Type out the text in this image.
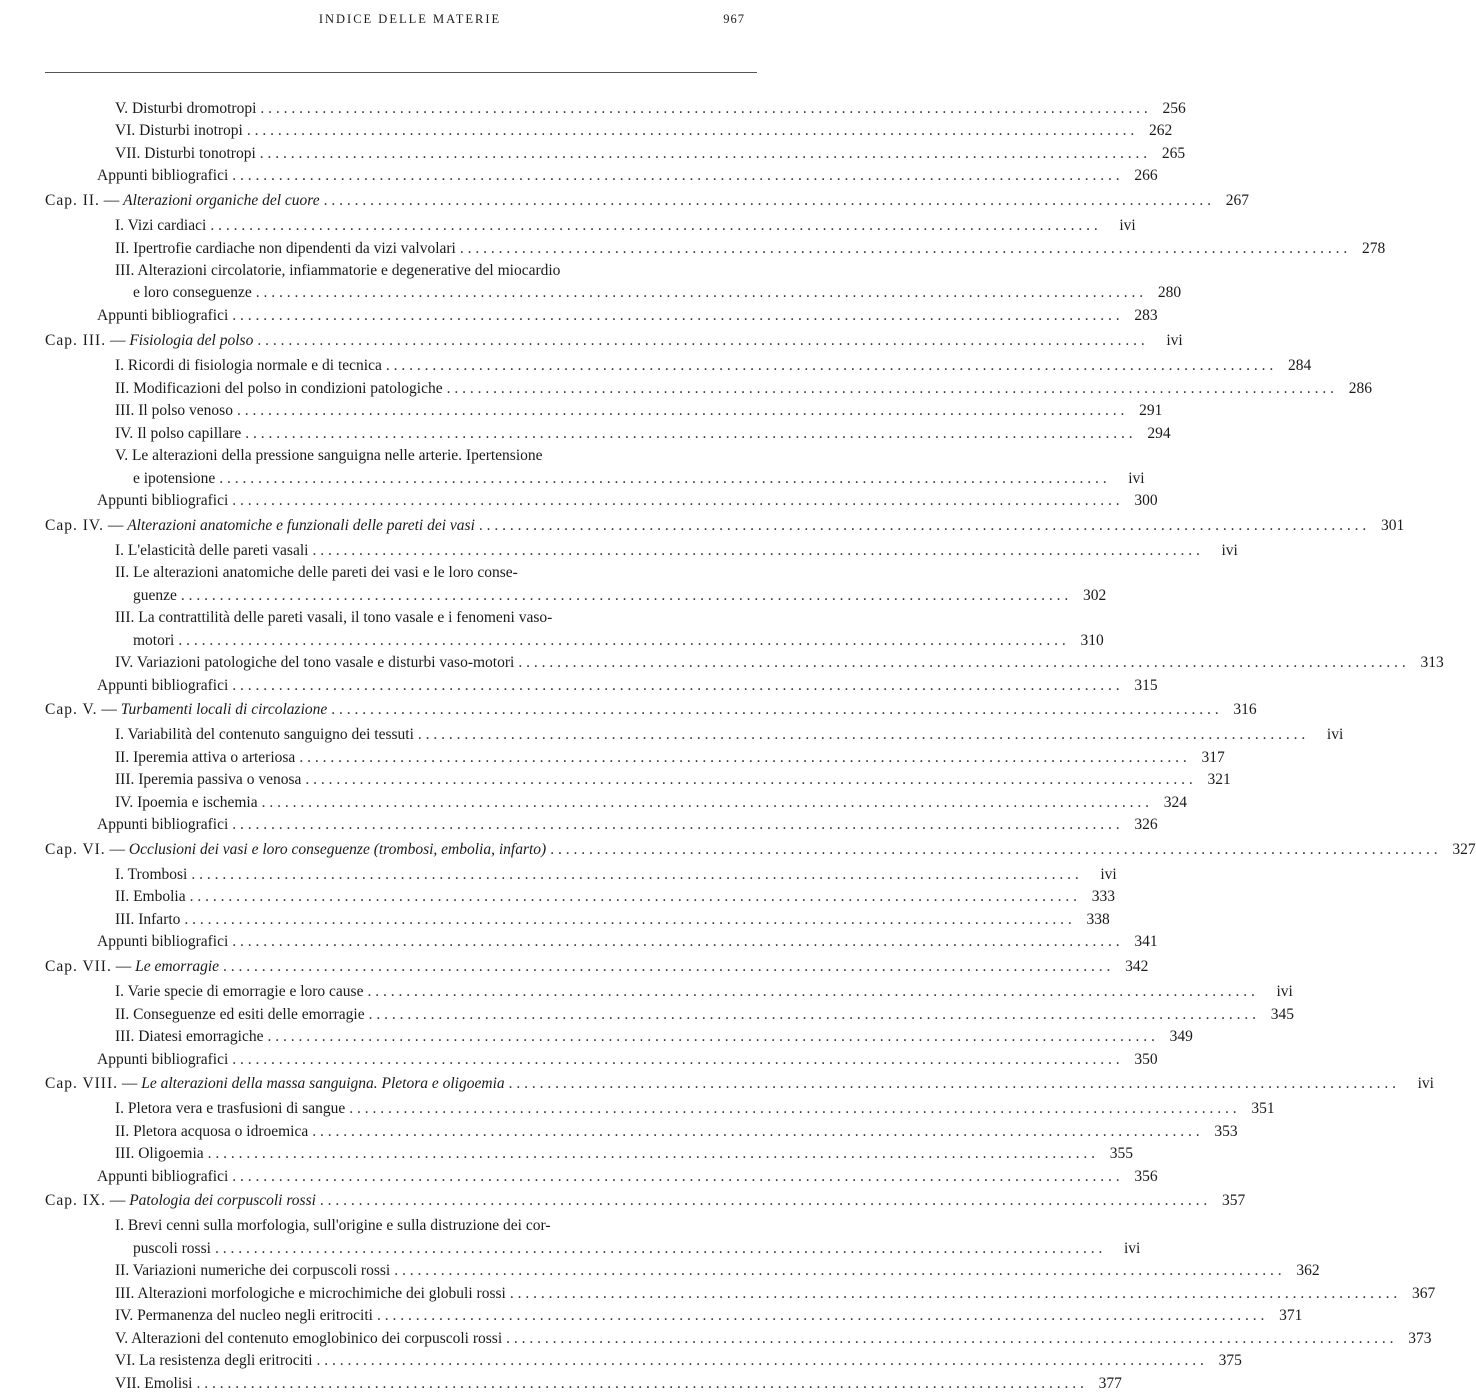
INDICE DELLE MATERIE	967
V. Disturbi dromotropi . . .	256
VI. Disturbi inotropi . . .	262
VII. Disturbi tonotropi . . .	265
Appunti bibliografici . . .	266
Cap. II. — Alterazioni organiche del cuore . . .	267
I. Vizi cardiaci . . .	ivi
II. Ipertrofie cardiache non dipendenti da vizi valvolari . . .	278
III. Alterazioni circolatorie, infiammatorie e degenerative del miocardio
e loro conseguenze . . .	280
Appunti bibliografici . . .	283
Cap. III. — Fisiologia del polso . . .	ivi
I. Ricordi di fisiologia normale e di tecnica . . .	284
II. Modificazioni del polso in condizioni patologiche . . .	286
III. Il polso venoso . . .	291
IV. Il polso capillare . . .	294
V. Le alterazioni della pressione sanguigna nelle arterie. Ipertensione
e ipotensione . . .	ivi
Appunti bibliografici . . .	300
Cap. IV. — Alterazioni anatomiche e funzionali delle pareti dei vasi . . .	301
I. L'elasticità delle pareti vasali . . .	ivi
II. Le alterazioni anatomiche delle pareti dei vasi e le loro conse-
guenze . . .	302
III. La contrattilità delle pareti vasali, il tono vasale e i fenomeni vaso-
motori . . .	310
IV. Variazioni patologiche del tono vasale e disturbi vaso-motori . . .	313
Appunti bibliografici . . .	315
Cap. V. — Turbamenti locali di circolazione . . .	316
I. Variabilità del contenuto sanguigno dei tessuti . . .	ivi
II. Iperemia attiva o arteriosa . . .	317
III. Iperemia passiva o venosa . . .	321
IV. Ipoemia e ischemia . . .	324
Appunti bibliografici . . .	326
Cap. VI. — Occlusioni dei vasi e loro conseguenze (trombosi, embolia, infarto) . . .	327
I. Trombosi . . .	ivi
II. Embolia . . .	333
III. Infarto . . .	338
Appunti bibliografici . . .	341
Cap. VII. — Le emorragie . . .	342
I. Varie specie di emorragie e loro cause . . .	ivi
II. Conseguenze ed esiti delle emorragie . . .	345
III. Diatesi emorragiche . . .	349
Appunti bibliografici . . .	350
Cap. VIII. — Le alterazioni della massa sanguigna. Pletora e oligoemia . . .	ivi
I. Pletora vera e trasfusioni di sangue . . .	351
II. Pletora acquosa o idroemica . . .	353
III. Oligoemia . . .	355
Appunti bibliografici . . .	356
Cap. IX. — Patologia dei corpuscoli rossi . . .	357
I. Brevi cenni sulla morfologia, sull'origine e sulla distruzione dei cor-
puscoli rossi . . .	ivi
II. Variazioni numeriche dei corpuscoli rossi . . .	362
III. Alterazioni morfologiche e microchimiche dei globuli rossi . . .	367
IV. Permanenza del nucleo negli eritrociti . . .	371
V. Alterazioni del contenuto emoglobinico dei corpuscoli rossi . . .	373
VI. La resistenza degli eritrociti . . .	375
VII. Emolisi . . .	377
